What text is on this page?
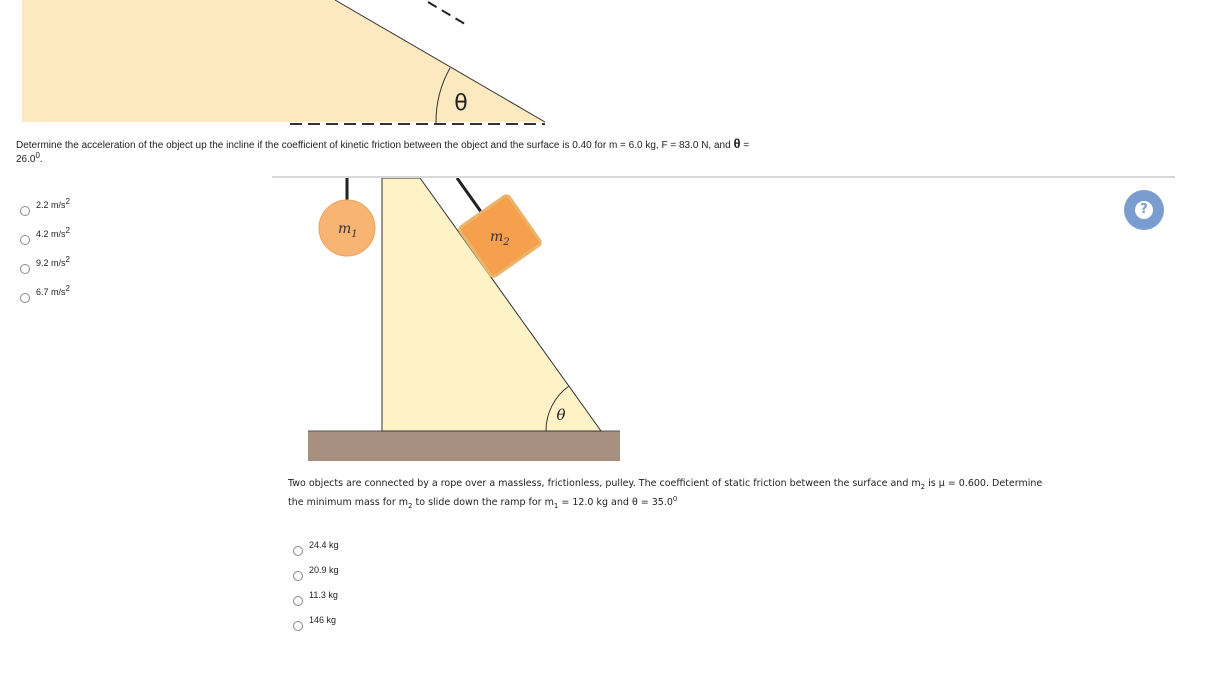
θ
Determine the acceleration of the object up the incline if the coefficient of kinetic friction between the object and the surface is 0.40 for m = 6.0 kg, F = 83.0 N, and θ =
$26.0^0$.
2.2 $m/s^2$
4.2 $m/s^2$
9.2 $m/s^2$
6.7 $m/s^2$
$m_1$	$m_2$
θ
?
Two objects are connected by a rope over a massless, frictionless, pulley. The coefficient of static friction between the surface and $m_2$ is μ = 0.600. Determine
the minimum mass for $m_2$ to slide down the ramp for $m_1 = 12.0$ kg and $\theta = 35.0^0$
24.4 kg
20.9 kg
11.3 kg
146 kg
